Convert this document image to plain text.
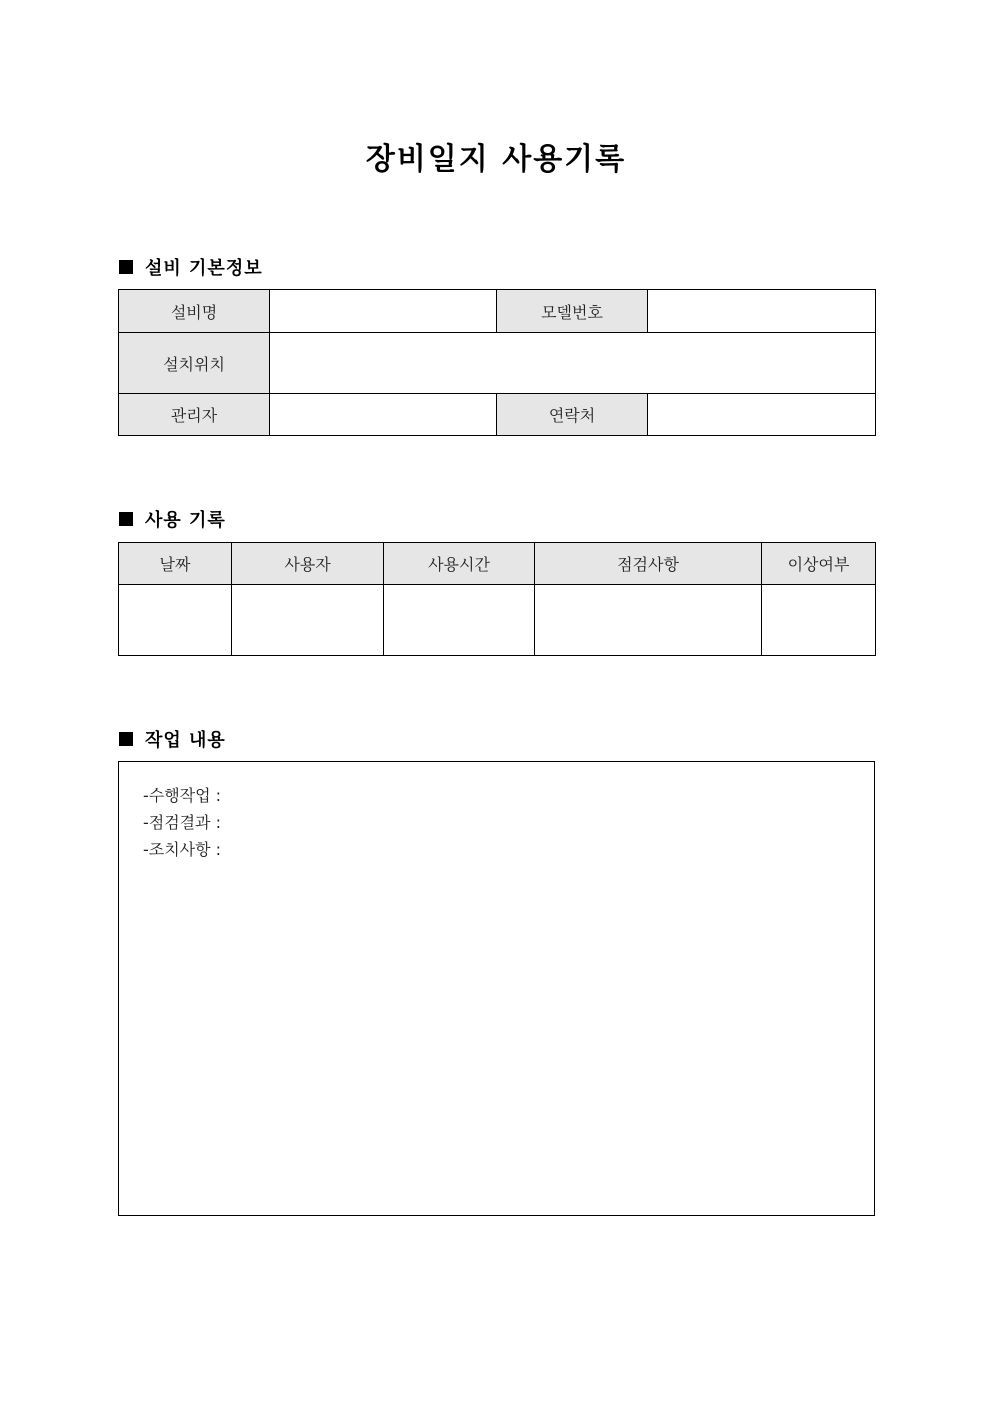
장비일지 사용기록
설비 기본정보
설비명		모델번호	
설치위치			
관리자		연락처	
사용 기록
날짜	사용자	사용시간	점검사항	이상여부

작업 내용
-수행작업 :
-점검결과 :
-조치사항 :
